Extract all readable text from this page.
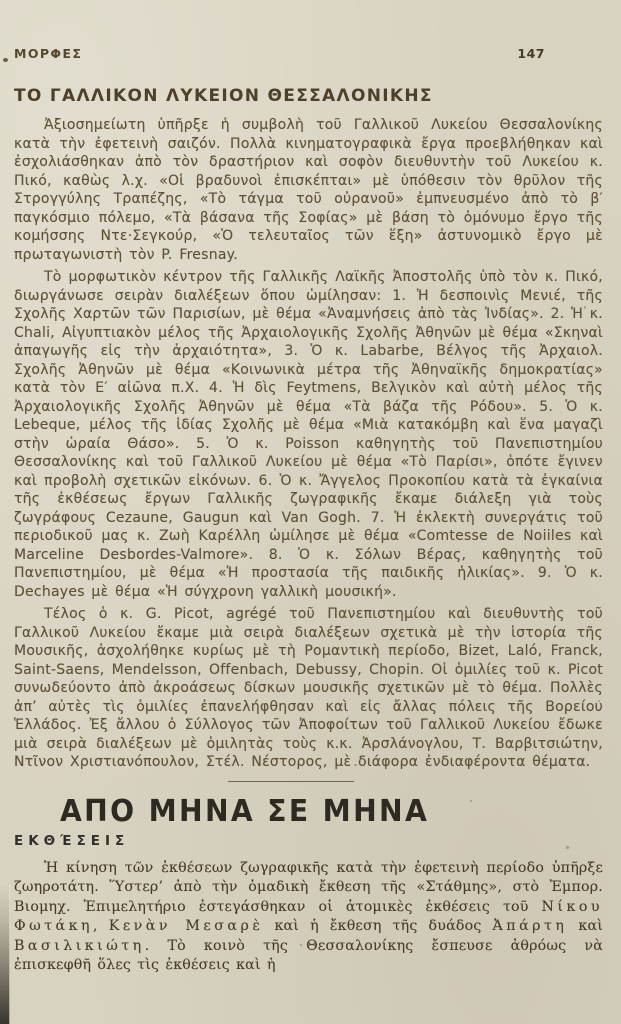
ΜΟΡΦΕΣ	147
ΤΟ ΓΑΛΛΙΚΟΝ ΛΥΚΕΙΟΝ ΘΕΣΣΑΛΟΝΙΚΗΣ

Ἀξιοσημείωτη ὑπῆρξε ἡ συμβολὴ τοῦ Γαλλικοῦ Λυκείου Θεσσαλονίκης κατὰ τὴν ἐφετεινὴ σαιζόν. Πολλὰ κινηματογραφικὰ ἔργα προεβλήθηκαν καὶ ἐσχολιάσθηκαν ἀπὸ τὸν δραστήριον καὶ σοφὸν διευθυντὴν τοῦ Λυκείου κ. Πικό, καθὼς λ.χ. «Οἱ βραδυνοὶ ἐπισκέπται» μὲ ὑπόθεσιν τὸν θρῦλον τῆς Στρογγύλης Τραπέζης, «Τὸ τάγμα τοῦ οὐρανοῦ» ἐμπνευσμένο ἀπὸ τὸ β′ παγκόσμιο πόλεμο, «Τὰ βάσανα τῆς Σοφίας» μὲ βάση τὸ ὁμόνυμο ἔργο τῆς κομήσσης Ντε·Σεγκούρ, «Ὁ τελευταῖος τῶν ἕξη» ἀστυνομικὸ ἔργο μὲ πρωταγωνιστὴ τὸν P. Fresnay.

Τὸ μορφωτικὸν κέντρον τῆς Γαλλικῆς Λαϊκῆς Ἀποστολῆς ὑπὸ τὸν κ. Πικό, διωργάνωσε σειρὰν διαλέξεων ὅπου ὡμίλησαν: 1. Ἡ δεσποινὶς Μενιέ, τῆς Σχολῆς Χαρτῶν τῶν Παρισίων, μὲ θέμα «Ἀναμνήσεις ἀπὸ τὰς Ἰνδίας». 2. Ἡ κ. Chali, Αἰγυπτιακὸν μέλος τῆς Ἀρχαιολογικῆς Σχολῆς Ἀθηνῶν μὲ θέμα «Σκηναὶ ἀπαγωγῆς εἰς τὴν ἀρχαιότητα», 3. Ὁ κ. Labarbe, Βέλγος τῆς Ἀρχαιολ. Σχολῆς Ἀθηνῶν μὲ θέμα «Κοινωνικὰ μέτρα τῆς Ἀθηναϊκῆς δημοκρατίας» κατὰ τὸν Ε′ αἰῶνα π.Χ. 4. Ἡ δὶς Feytmens, Βελγικὸν καὶ αὐτὴ μέλος τῆς Ἀρχαιολογικῆς Σχολῆς Ἀθηνῶν μὲ θέμα «Τὰ βάζα τῆς Ρόδου». 5. Ὁ κ. Lebeque, μέλος τῆς ἰδίας Σχολῆς μὲ θέμα «Μιὰ κατακόμβη καὶ ἕνα μαγαζὶ στὴν ὡραία Θάσο». 5. Ὁ κ. Poisson καθηγητὴς τοῦ Πανεπιστημίου Θεσσαλονίκης καὶ τοῦ Γαλλικοῦ Λυκείου μὲ θέμα «Τὸ Παρίσι», ὁπότε ἔγινεν καὶ προβολὴ σχετικῶν εἰκόνων. 6. Ὁ κ. Ἄγγελος Προκοπίου κατὰ τὰ ἐγκαίνια τῆς ἐκθέσεως ἔργων Γαλλικῆς ζωγραφικῆς ἔκαμε διάλεξη γιὰ τοὺς ζωγράφους Cezaune, Gaugun καὶ Van Gogh. 7. Ἡ ἐκλεκτὴ συνεργάτις τοῦ περιοδικοῦ μας κ. Ζωὴ Καρέλλη ὡμίλησε μὲ θέμα «Comtesse de Noiiles καὶ Marceline Desbordes-Valmore». 8. Ὁ κ. Σόλων Βέρας, καθηγητὴς τοῦ Πανεπιστημίου, μὲ θέμα «Ἡ προστασία τῆς παιδικῆς ἡλικίας». 9. Ὁ κ. Dechayes μὲ θέμα «Ἡ σύγχρονη γαλλικὴ μουσική».

Τέλος ὁ κ. G. Picot, agrégé τοῦ Πανεπιστημίου καὶ διευθυντὴς τοῦ Γαλλικοῦ Λυκείου ἔκαμε μιὰ σειρὰ διαλέξεων σχετικὰ μὲ τὴν ἱστορία τῆς Μουσικῆς, ἀσχολήθηκε κυρίως μὲ τὴ Ρομαντικὴ περίοδο, Bizet, Laló, Franck, Saint-Saens, Mendelsson, Offenbach, Debussy, Chopin. Οἱ ὁμιλίες τοῦ κ. Picot συνωδεύοντο ἀπὸ ἀκροάσεως δίσκων μουσικῆς σχετικῶν μὲ τὸ θέμα. Πολλὲς ἀπ’ αὐτὲς τὶς ὁμιλίες ἐπανελήφθησαν καὶ εἰς ἄλλας πόλεις τῆς Βορείου Ἑλλάδος. Ἐξ ἄλλου ὁ Σύλλογος τῶν Ἀποφοίτων τοῦ Γαλλικοῦ Λυκείου ἔδωκε μιὰ σειρὰ διαλέξεων μὲ ὁμιλητὰς τοὺς κ.κ. Ἀρσλάνογλου, Τ. Βαρβιτσιώτην, Ντῖνον Χριστιανόπουλον, Στέλ. Νέστορος, μὲ διάφορα ἐνδιαφέροντα θέματα.

ΑΠΟ ΜΗΝΑ ΣΕ ΜΗΝΑ
ΕΚΘΈΣΕΙΣ

Ἡ κίνηση τῶν ἐκθέσεων ζωγραφικῆς κατὰ τὴν ἐφετεινὴ περίοδο ὑπῆρξε ζωηροτάτη. Ὕστερ’ ἀπὸ τὴν ὁμαδικὴ ἔκθεση τῆς «Στάθμης», στὸ Ἐμπορ. Βιομηχ. Ἐπιμελητήριο ἐστεγάσθηκαν οἱ ἀτομικὲς ἐκθέσεις τοῦ Νίκου Φωτάκη, Κενὰν Μεσαρὲ καὶ ἡ ἔκθεση τῆς δυάδος Ἀπάρτη καὶ Βασιλικιώτη. Τὸ κοινὸ τῆς Θεσσαλονίκης ἔσπευσε ἀθρόως νὰ ἐπισκεφθῆ ὅλες τὶς ἐκθέσεις καὶ ἡ
